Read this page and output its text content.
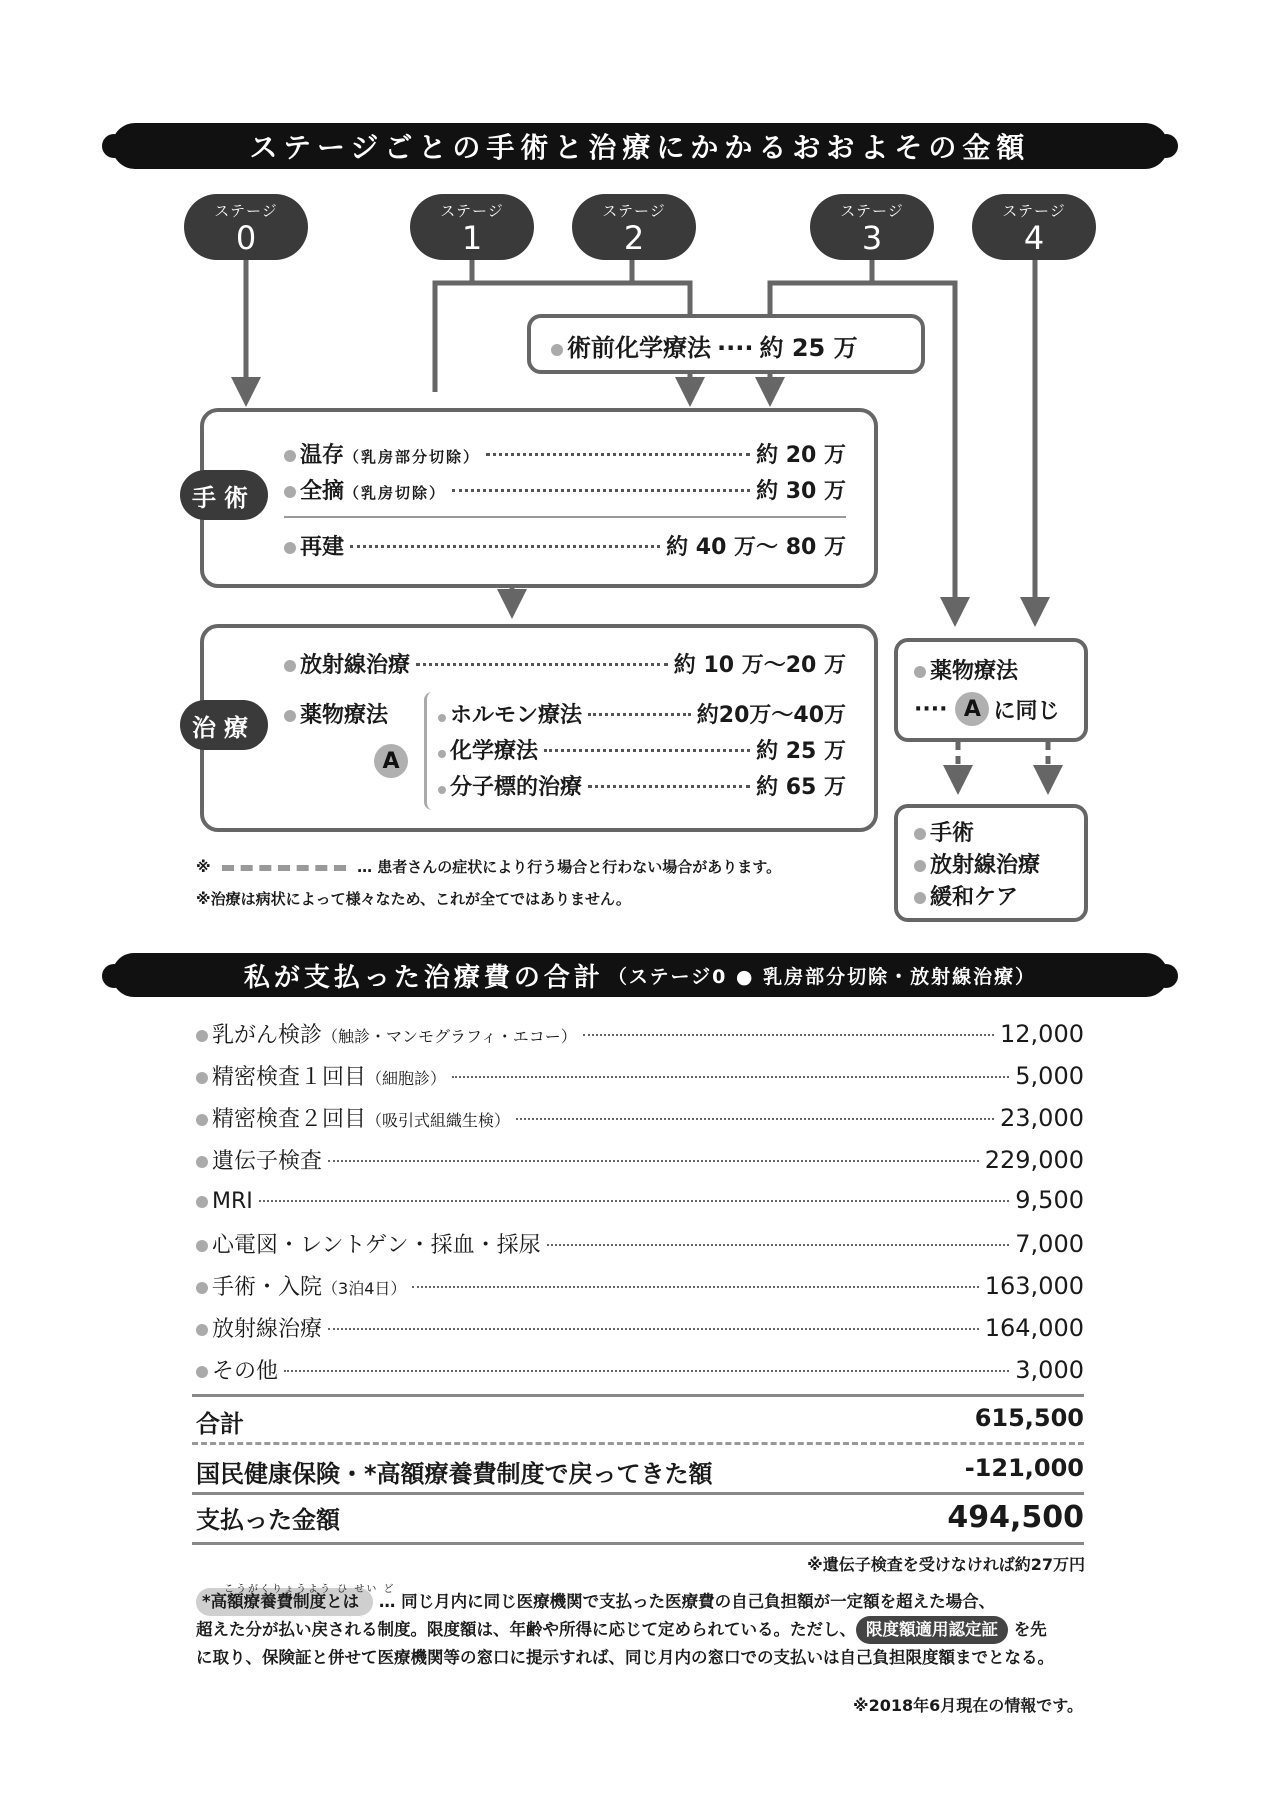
ステージごとの手術と治療にかかるおおよその金額
ステージ
0
ステージ
1
ステージ
2
ステージ
3
ステージ
4
術前化学療法 ···· 約 25 万
温存 （乳房部分切除）	約 20 万
全摘 （乳房切除）	約 30 万
再建	約 40 万～ 80 万
手術
放射線治療	約 10 万～20 万
薬物療法
A
ホルモン療法	約20万～40万
化学療法	約 25 万
分子標的治療	約 65 万
治療
薬物療法
···· A に同じ
手術
放射線治療
緩和ケア
※	… 患者さんの症状により行う場合と行わない場合があります。
※治療は病状によって様々なため、これが全てではありません。
私が支払った治療費の合計 （ステージ0 ● 乳房部分切除・放射線治療）
乳がん検診 （触診・マンモグラフィ・エコー）	12,000
精密検査１回目 （細胞診）	5,000
精密検査２回目 （吸引式組織生検）	23,000
遺伝子検査	229,000
MRI	9,500
心電図・レントゲン・採血・採尿	7,000
手術・入院 （3泊4日）	163,000
放射線治療	164,000
その他	3,000
合計	615,500
国民健康保険・*高額療養費制度で戻ってきた額	-121,000
支払った金額	494,500
※遺伝子検査を受けなければ約27万円
こうがくりょうよう ひ せい ど
*高額療養費制度とは … 同じ月内に同じ医療機関で支払った医療費の自己負担額が一定額を超えた場合、
超えた分が払い戻される制度。限度額は、年齢や所得に応じて定められている。ただし、 限度額適用認定証 を先
に取り、保険証と併せて医療機関等の窓口に提示すれば、同じ月内の窓口での支払いは自己負担限度額までとなる。
※2018年6月現在の情報です。
